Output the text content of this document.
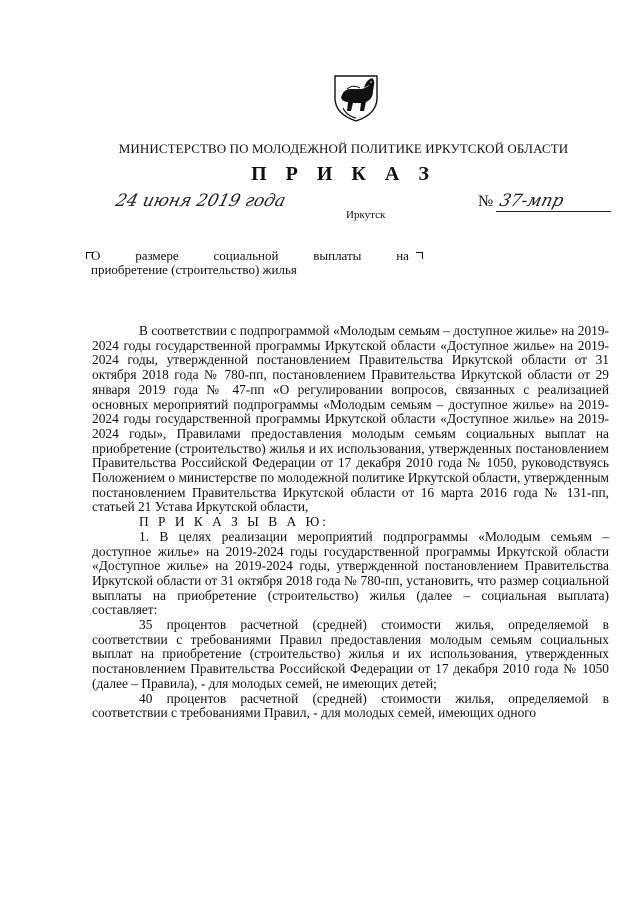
МИНИСТЕРСТВО ПО МОЛОДЕЖНОЙ ПОЛИТИКЕ ИРКУТСКОЙ ОБЛАСТИ
П Р И К А З
24 июня 2019 года
Иркутск
№ 37-мпр
О	размере	социальной	выплаты	на
приобретение (строительство) жилья

В соответствии с подпрограммой «Молодым семьям – доступное жилье» на 2019-2024 годы государственной программы Иркутской области «Доступное жилье» на 2019-2024 годы, утвержденной постановлением Правительства Иркутской области от 31 октября 2018 года № 780-пп, постановлением Правительства Иркутской области от 29 января 2019 года № 47-пп «О регулировании вопросов, связанных с реализацией основных мероприятий подпрограммы «Молодым семьям – доступное жилье» на 2019-2024 годы государственной программы Иркутской области «Доступное жилье» на 2019-2024 годы», Правилами предоставления молодым семьям социальных выплат на приобретение (строительство) жилья и их использования, утвержденных постановлением Правительства Российской Федерации от 17 декабря 2010 года № 1050, руководствуясь Положением о министерстве по молодежной политике Иркутской области, утвержденным постановлением Правительства Иркутской области от 16 марта 2016 года № 131-пп, статьей 21 Устава Иркутской области,

П Р И К А З Ы В А Ю:

1. В целях реализации мероприятий подпрограммы «Молодым семьям – доступное жилье» на 2019-2024 годы государственной программы Иркутской области «Доступное жилье» на 2019-2024 годы, утвержденной постановлением Правительства Иркутской области от 31 октября 2018 года № 780-пп, установить, что размер социальной выплаты на приобретение (строительство) жилья (далее – социальная выплата) составляет:

35 процентов расчетной (средней) стоимости жилья, определяемой в соответствии с требованиями Правил предоставления молодым семьям социальных выплат на приобретение (строительство) жилья и их использования, утвержденных постановлением Правительства Российской Федерации от 17 декабря 2010 года № 1050 (далее – Правила), - для молодых семей, не имеющих детей;

40 процентов расчетной (средней) стоимости жилья, определяемой в соответствии с требованиями Правил, - для молодых семей, имеющих одного
